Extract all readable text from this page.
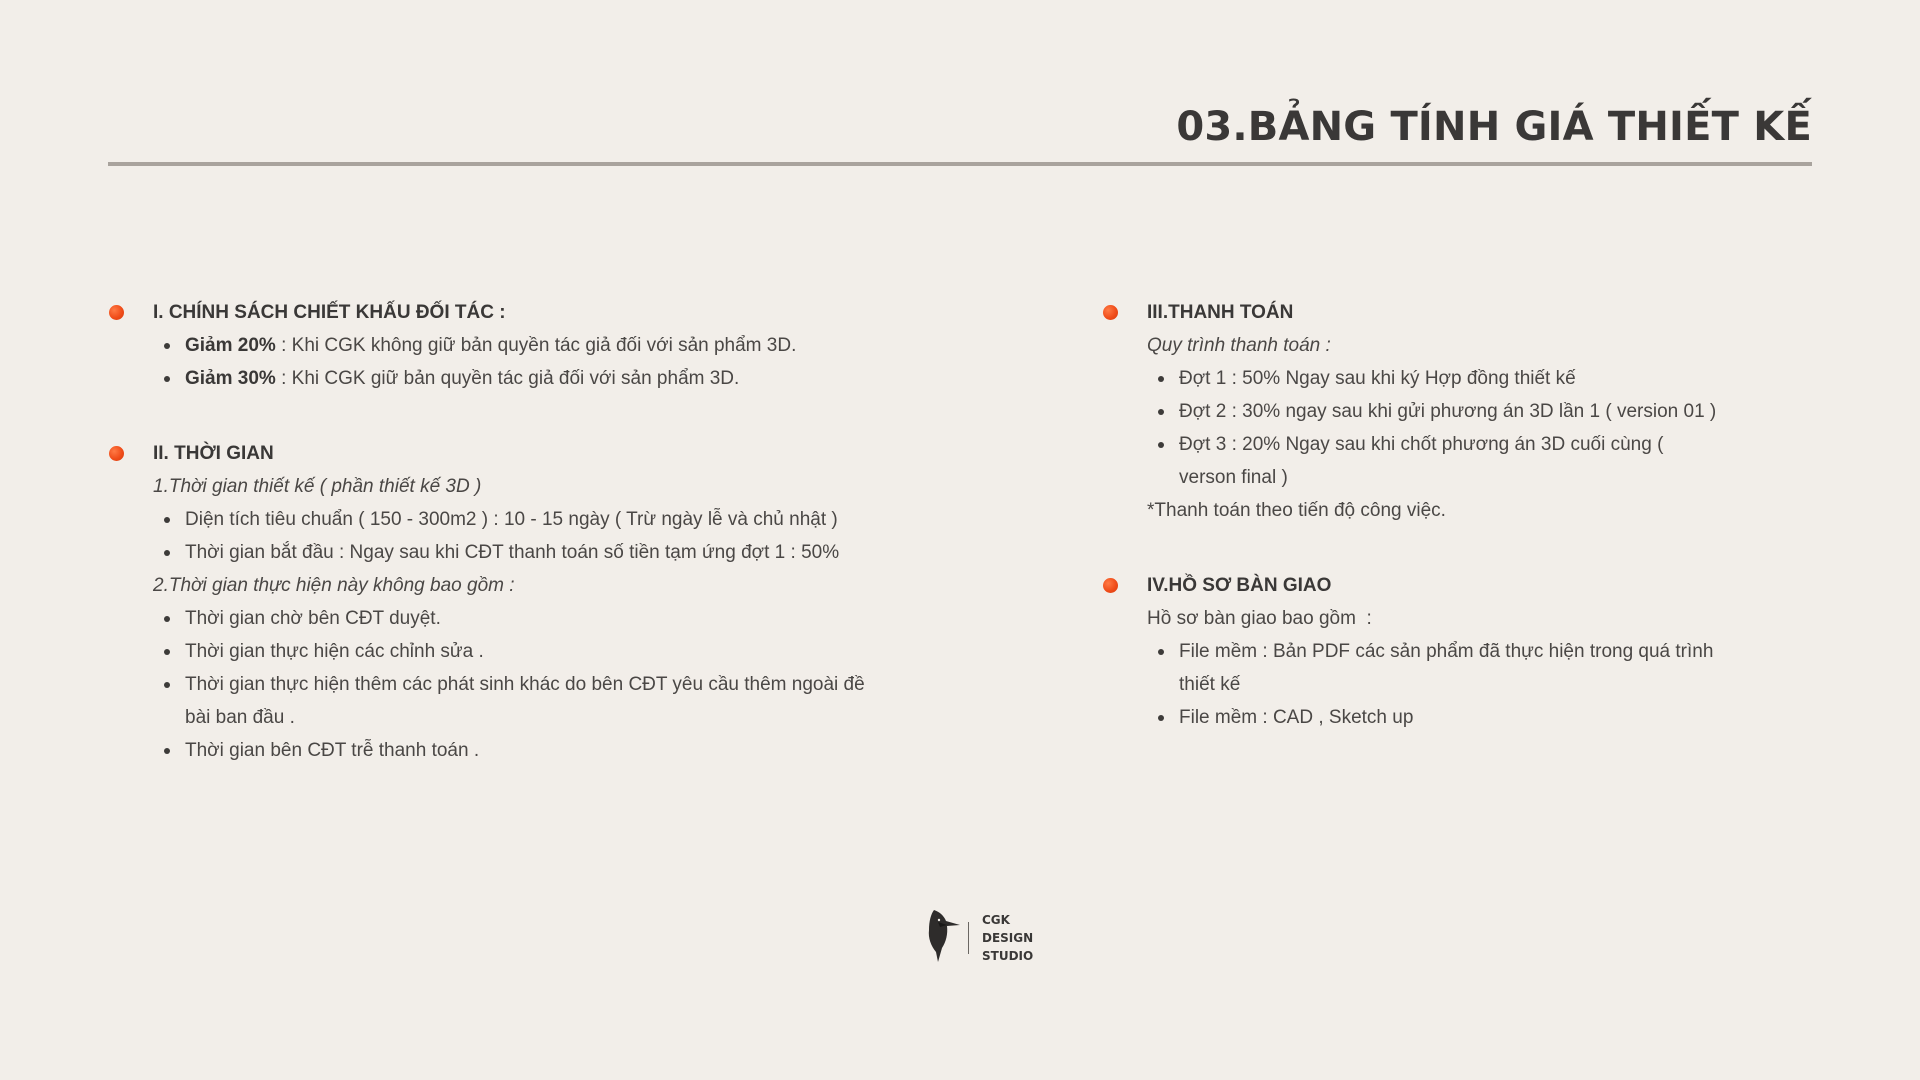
03.BẢNG TÍNH GIÁ THIẾT KẾ
I. CHÍNH SÁCH CHIẾT KHẤU ĐỐI TÁC :
Giảm 20% : Khi CGK không giữ bản quyền tác giả đối với sản phẩm 3D.
Giảm 30% : Khi CGK giữ bản quyền tác giả đối với sản phẩm 3D.
II. THỜI GIAN
1.Thời gian thiết kế ( phần thiết kế 3D )
Diện tích tiêu chuẩn ( 150 - 300m2 ) : 10 - 15 ngày ( Trừ ngày lễ và chủ nhật )
Thời gian bắt đầu : Ngay sau khi CĐT thanh toán số tiền tạm ứng đợt 1 : 50%
2.Thời gian thực hiện này không bao gồm :
Thời gian chờ bên CĐT duyệt.
Thời gian thực hiện các chỉnh sửa .
Thời gian thực hiện thêm các phát sinh khác do bên CĐT yêu cầu thêm ngoài đề bài ban đầu .
Thời gian bên CĐT trễ thanh toán .
III.THANH TOÁN
Quy trình thanh toán :
Đợt 1 : 50% Ngay sau khi ký Hợp đồng thiết kế
Đợt 2 : 30% ngay sau khi gửi phương án 3D lần 1 ( version 01 )
Đợt 3 : 20% Ngay sau khi chốt phương án 3D cuối cùng ( verson final )
*Thanh toán theo tiến độ công việc.
IV.HỒ SƠ BÀN GIAO
Hồ sơ bàn giao bao gồm  :
File mềm : Bản PDF các sản phẩm đã thực hiện trong quá trình thiết kế
File mềm : CAD , Sketch up
CGK
DESIGN
STUDIO
